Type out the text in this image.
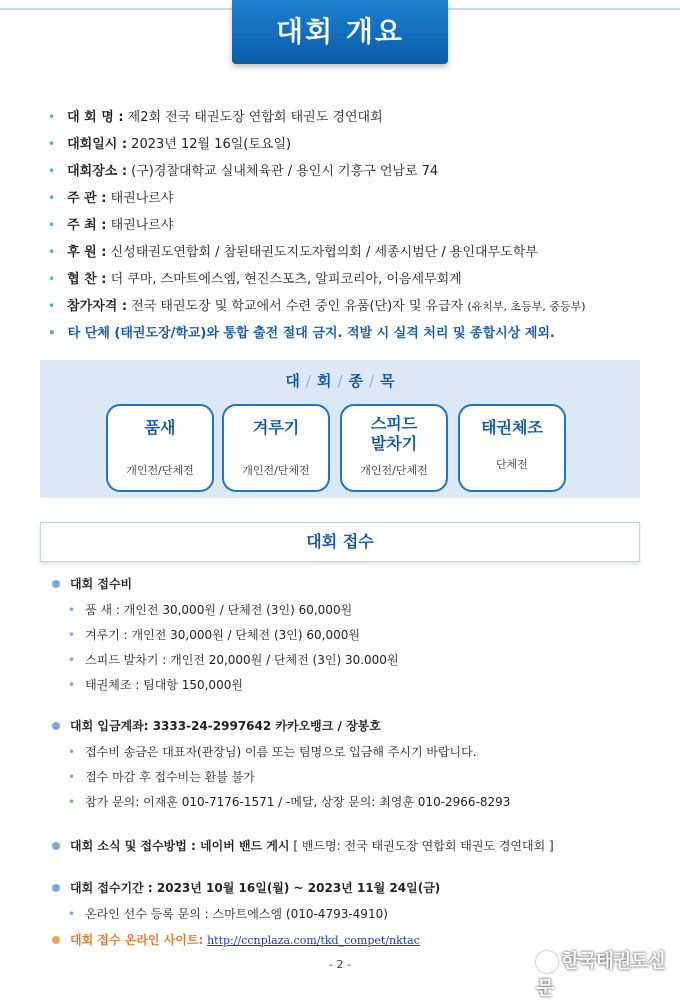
대회 개요
• 대 회 명 : 제2회 전국 태권도장 연합회 태권도 경연대회
• 대회일시 : 2023년 12월 16일(토요일)
• 대회장소 : (구)경찰대학교 실내체육관 / 용인시 기흥구 언남로 74
• 주 관 : 태권나르샤
• 주 최 : 태권나르샤
• 후 원 : 신성태권도연합회 / 참된태권도지도자협의회 / 세종시범단 / 용인대무도학부
• 협 찬 : 더 쿠마, 스마트에스엠, 현진스포츠, 알피코리아, 이음세무회계
• 참가자격 : 전국 태권도장 및 학교에서 수련 중인 유품(단)자 및 유급자 (유치부, 초등부, 중등부)
• 타 단체 (태권도장/학교)와 통합 출전 절대 금지. 적발 시 실격 처리 및 종합시상 제외.
대 / 회 / 종 / 목
품새
개인전/단체전
겨루기
개인전/단체전
스피드
발차기
개인전/단체전
태권체조
단체전
대회 접수
대회 접수비
• 품 새 : 개인전 30,000원 / 단체전 (3인) 60,000원
• 겨루기 : 개인전 30,000원 / 단체전 (3인) 60,000원
• 스피드 발차기 : 개인전 20,000원 / 단체전 (3인) 30.000원
• 태권체조 : 팀대항 150,000원
대회 입금계좌: 3333-24-2997642 카카오뱅크 / 장봉호
• 접수비 송금은 대표자(관장님) 이름 또는 팀명으로 입금해 주시기 바랍니다.
• 접수 마감 후 접수비는 환불 불가
• 참가 문의: 이재훈 010-7176-1571 / -메달, 상장 문의: 최영훈 010-2966-8293
대회 소식 및 접수방법 : 네이버 밴드 게시 [ 밴드명: 전국 태권도장 연합회 태권도 경연대회 ]
대회 접수기간 : 2023년 10월 16일(월) ~ 2023년 11월 24일(금)
• 온라인 선수 등록 문의 : 스마트에스엠 (010-4793-4910)
대회 접수 온라인 사이트: http://ccnplaza.com/tkd_compet/nktac
- 2 -	한국태권도신문
